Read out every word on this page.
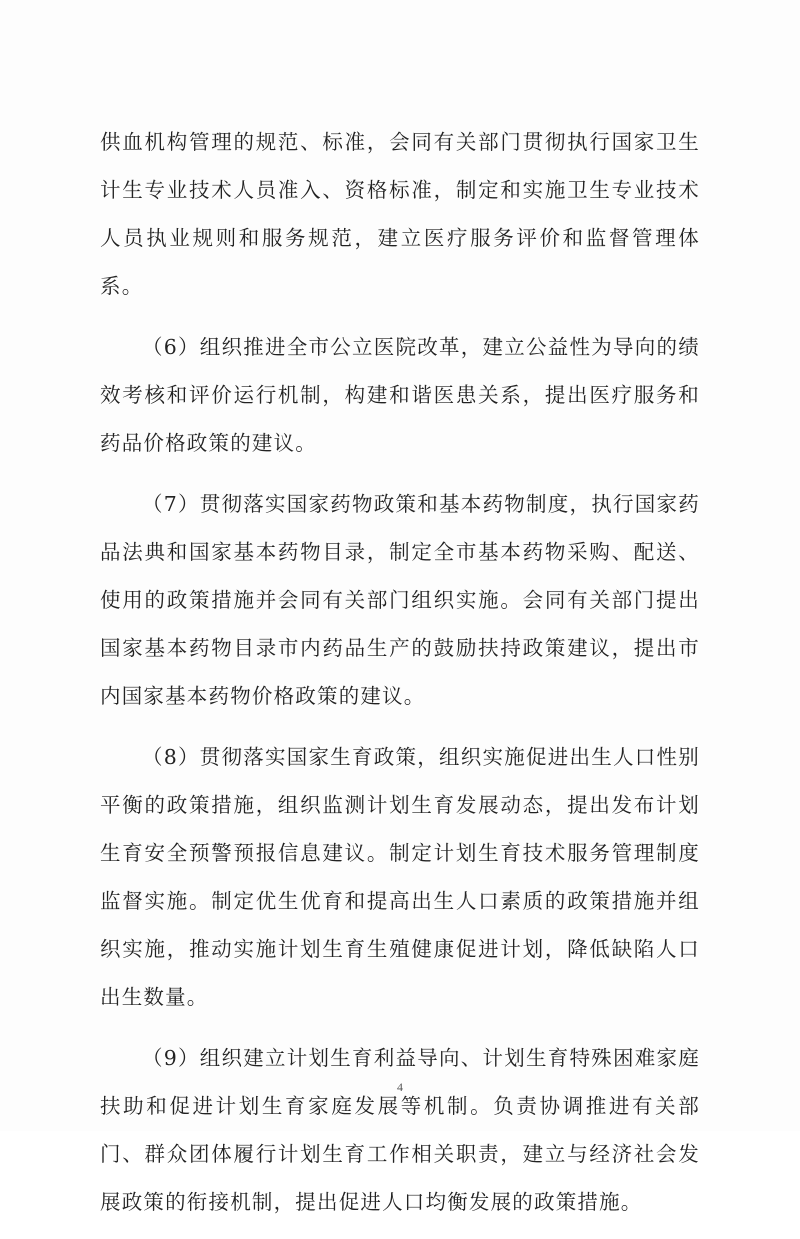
供血机构管理的规范、标准，会同有关部门贯彻执行国家卫生计生专业技术人员准入、资格标准，制定和实施卫生专业技术人员执业规则和服务规范，建立医疗服务评价和监督管理体系。

（6）组织推进全市公立医院改革，建立公益性为导向的绩效考核和评价运行机制，构建和谐医患关系，提出医疗服务和药品价格政策的建议。

（7）贯彻落实国家药物政策和基本药物制度，执行国家药品法典和国家基本药物目录，制定全市基本药物采购、配送、使用的政策措施并会同有关部门组织实施。会同有关部门提出国家基本药物目录市内药品生产的鼓励扶持政策建议，提出市内国家基本药物价格政策的建议。

（8）贯彻落实国家生育政策，组织实施促进出生人口性别平衡的政策措施，组织监测计划生育发展动态，提出发布计划生育安全预警预报信息建议。制定计划生育技术服务管理制度监督实施。制定优生优育和提高出生人口素质的政策措施并组织实施，推动实施计划生育生殖健康促进计划，降低缺陷人口出生数量。

（9）组织建立计划生育利益导向、计划生育特殊困难家庭扶助和促进计划生育家庭发展等机制。负责协调推进有关部门、群众团体履行计划生育工作相关职责，建立与经济社会发展政策的衔接机制，提出促进人口均衡发展的政策措施。

4
